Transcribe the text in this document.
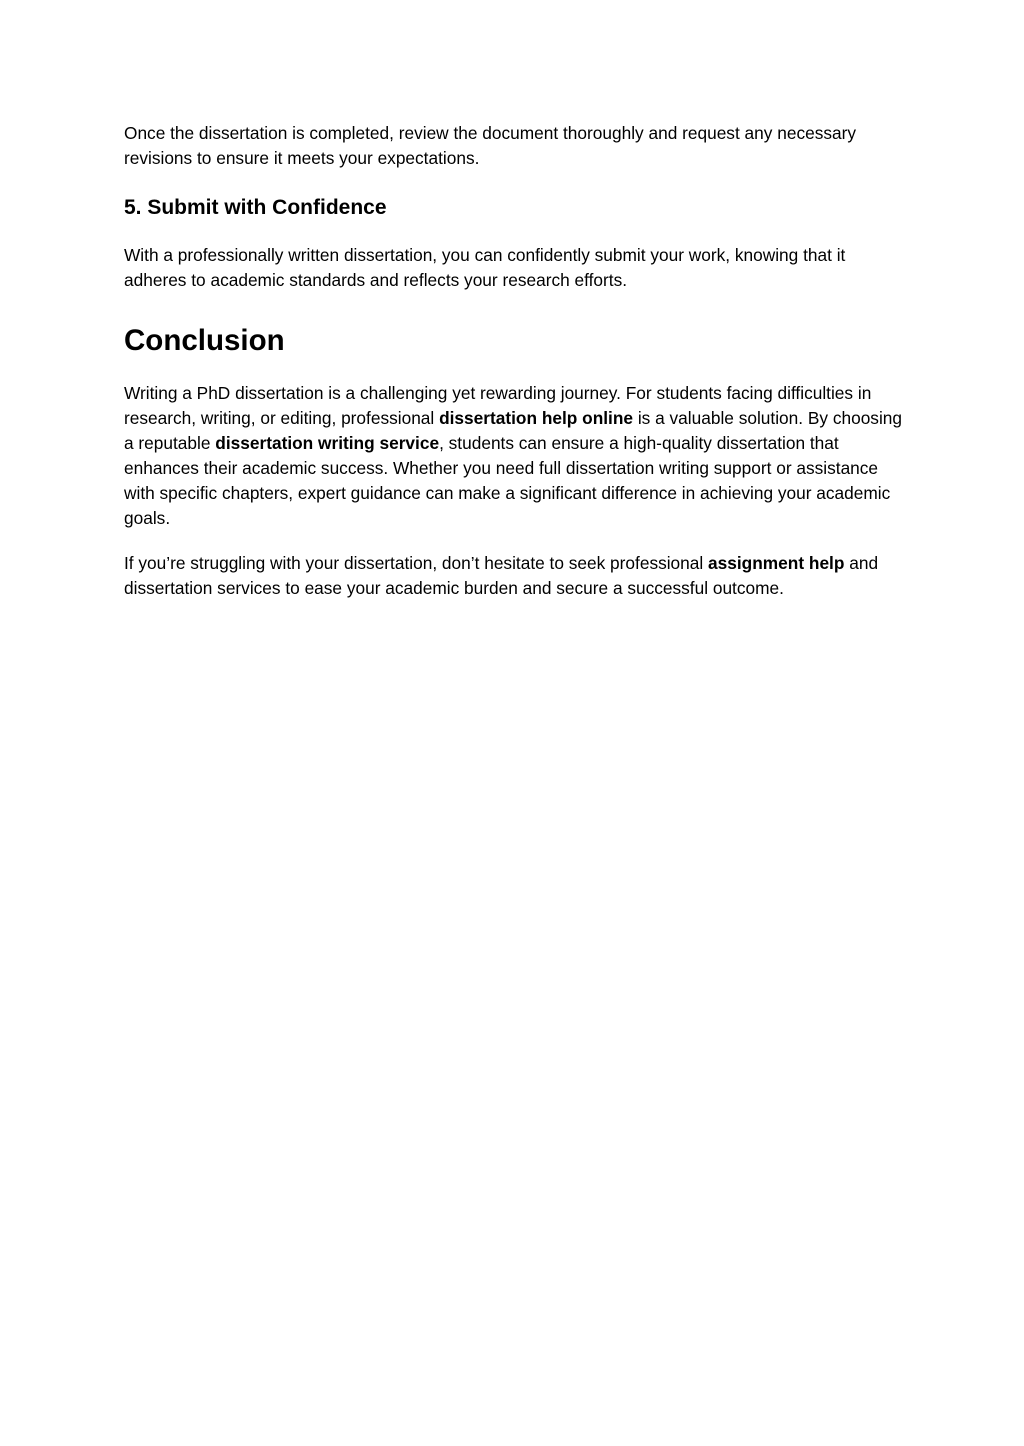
Once the dissertation is completed, review the document thoroughly and request any necessary revisions to ensure it meets your expectations.

5. Submit with Confidence

With a professionally written dissertation, you can confidently submit your work, knowing that it adheres to academic standards and reflects your research efforts.

Conclusion

Writing a PhD dissertation is a challenging yet rewarding journey. For students facing difficulties in research, writing, or editing, professional dissertation help online is a valuable solution. By choosing a reputable dissertation writing service, students can ensure a high-quality dissertation that enhances their academic success. Whether you need full dissertation writing support or assistance with specific chapters, expert guidance can make a significant difference in achieving your academic goals.

If you’re struggling with your dissertation, don’t hesitate to seek professional assignment help and dissertation services to ease your academic burden and secure a successful outcome.
